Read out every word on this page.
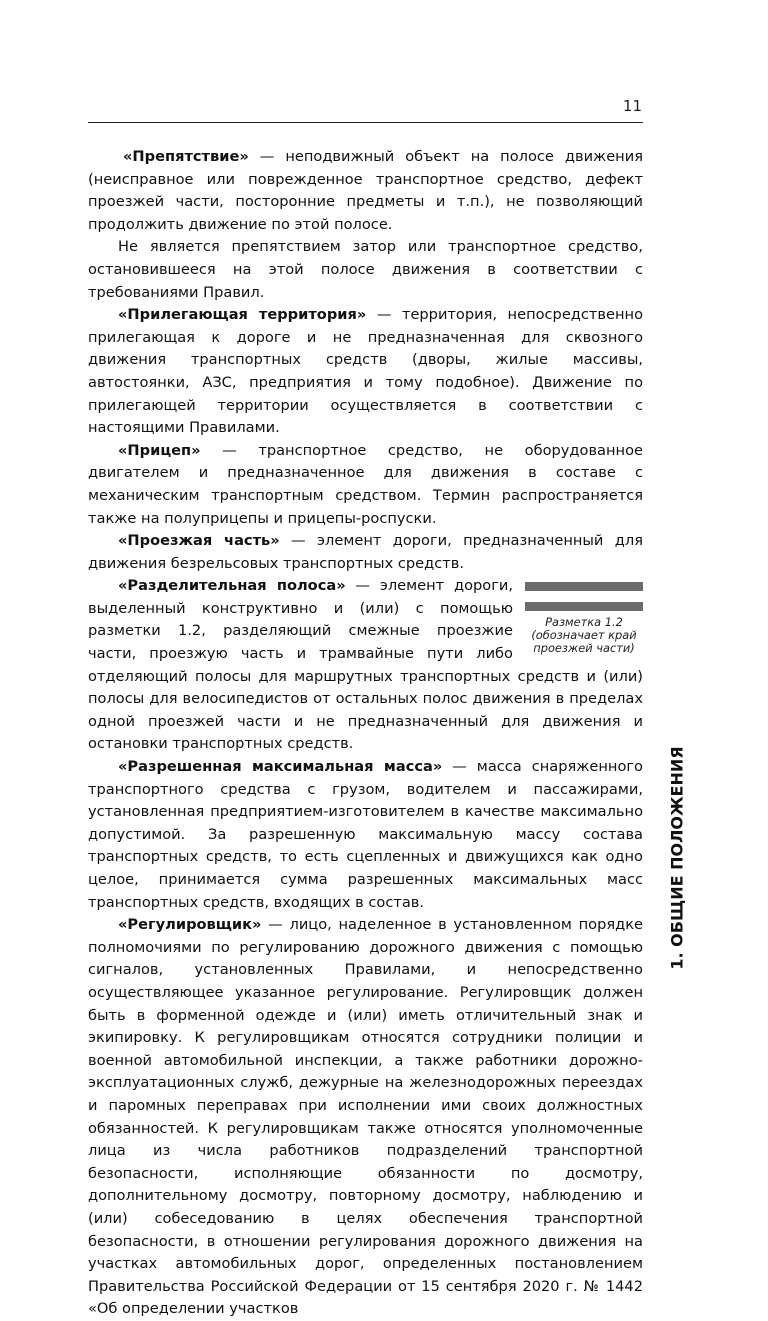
11

«Препятствие» — неподвижный объект на полосе движения (неисправное или поврежденное транспортное средство, дефект проезжей части, посторонние предметы и т.п.), не позволяющий продолжить движение по этой полосе.

Не является препятствием затор или транспортное средство, остановившееся на этой полосе движения в соответствии с требованиями Правил.

«Прилегающая территория» — территория, непосредственно прилегающая к дороге и не предназначенная для сквозного движения транспортных средств (дворы, жилые массивы, автостоянки, АЗС, предприятия и тому подобное). Движение по прилегающей территории осуществляется в соответствии с настоящими Правилами.

«Прицеп» — транспортное средство, не оборудованное двигателем и предназначенное для движения в составе с механическим транспортным средством. Термин распространяется также на полуприцепы и прицепы-роспуски.

«Проезжая часть» — элемент дороги, предназначенный для движения безрельсовых транспортных средств.

Разметка 1.2
(обозначает край
проезжей части)

«Разделительная полоса» — элемент дороги, выделенный конструктивно и (или) с помощью разметки 1.2, разделяющий смежные проезжие части, проезжую часть и трамвайные пути либо отделяющий полосы для маршрутных транспортных средств и (или) полосы для велосипедистов от остальных полос движения в пределах одной проезжей части и не предназначенный для движения и остановки транспортных средств.

«Разрешенная максимальная масса» — масса снаряженного транспортного средства с грузом, водителем и пассажирами, установленная предприятием-изготовителем в качестве максимально допустимой. За разрешенную максимальную массу состава транспортных средств, то есть сцепленных и движущихся как одно целое, принимается сумма разрешенных максимальных масс транспортных средств, входящих в состав.

«Регулировщик» — лицо, наделенное в установленном порядке полномочиями по регулированию дорожного движения с помощью сигналов, установленных Правилами, и непосредственно осуществляющее указанное регулирование. Регулировщик должен быть в форменной одежде и (или) иметь отличительный знак и экипировку. К регулировщикам относятся сотрудники полиции и военной автомобильной инспекции, а также работники дорожно-эксплуатационных служб, дежурные на железнодорожных переездах и паромных переправах при исполнении ими своих должностных обязанностей. К регулировщикам также относятся уполномоченные лица из числа работников подразделений транспортной безопасности, исполняющие обязанности по досмотру, дополнительному досмотру, повторному досмотру, наблюдению и (или) собеседованию в целях обеспечения транспортной безопасности, в отношении регулирования дорожного движения на участках автомобильных дорог, определенных постановлением Правительства Российской Федерации от 15 сентября 2020 г. № 1442 «Об определении участков

1. ОБЩИЕ ПОЛОЖЕНИЯ
